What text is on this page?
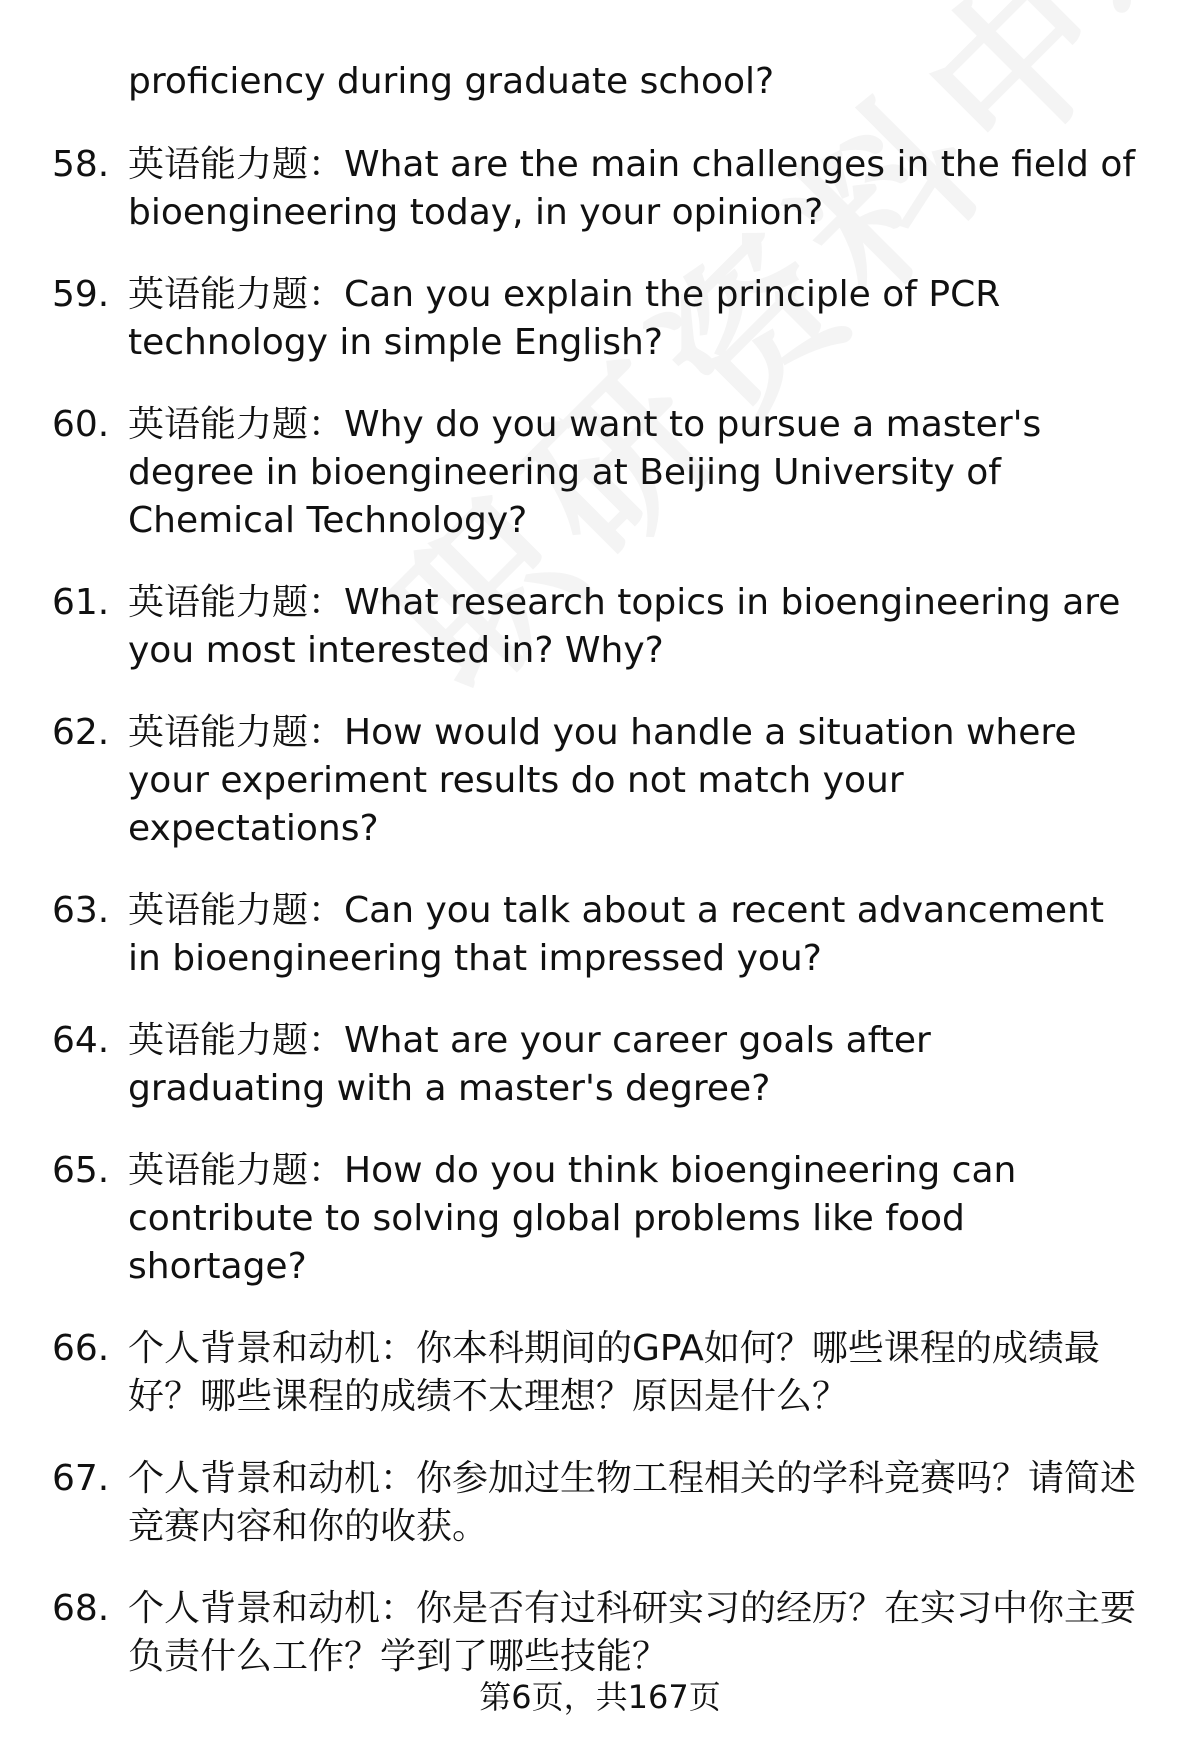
proficiency during graduate school?
58. 英语能力题：What are the main challenges in the field of bioengineering today, in your opinion?
59. 英语能力题：Can you explain the principle of PCR technology in simple English?
60. 英语能力题：Why do you want to pursue a master's degree in bioengineering at Beijing University of Chemical Technology?
61. 英语能力题：What research topics in bioengineering are you most interested in? Why?
62. 英语能力题：How would you handle a situation where your experiment results do not match your expectations?
63. 英语能力题：Can you talk about a recent advancement in bioengineering that impressed you?
64. 英语能力题：What are your career goals after graduating with a master's degree?
65. 英语能力题：How do you think bioengineering can contribute to solving global problems like food shortage?
66. 个人背景和动机：你本科期间的GPA如何？哪些课程的成绩最好？哪些课程的成绩不太理想？原因是什么？
67. 个人背景和动机：你参加过生物工程相关的学科竞赛吗？请简述竞赛内容和你的收获。
68. 个人背景和动机：你是否有过科研实习的经历？在实习中你主要负责什么工作？学到了哪些技能？
第6页，共167页
